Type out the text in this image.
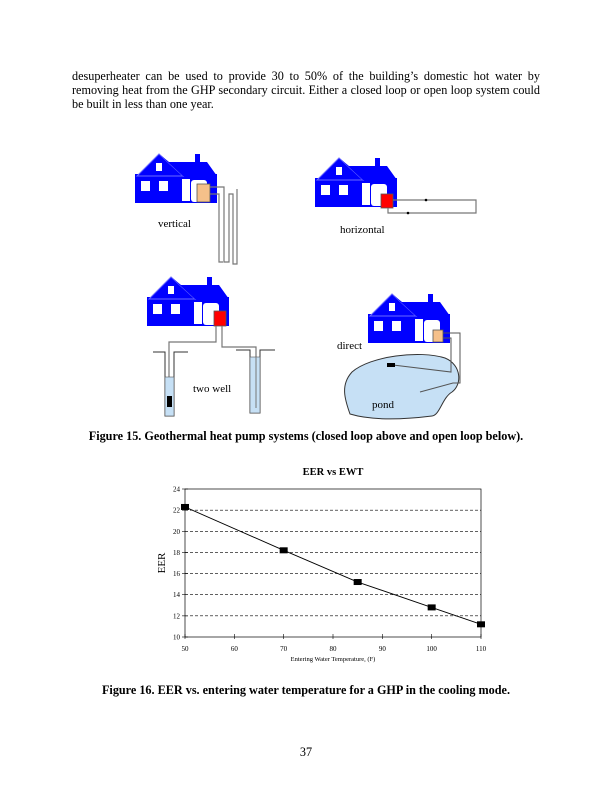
desuperheater can be used to provide 30 to 50% of the building’s domestic hot water by removing heat from the GHP secondary circuit. Either a closed loop or open loop system could be built in less than one year.

EER vs EWT
10
12
14
16
18
20
22
24
50	60	70	80	90	100	110
Entering Water Temperature, (F)
EER
vertical	horizontal
two well
direct
pond
Figure 15. Geothermal heat pump systems (closed loop above and open loop below).
Figure 16. EER vs. entering water temperature for a GHP in the cooling mode.
37
